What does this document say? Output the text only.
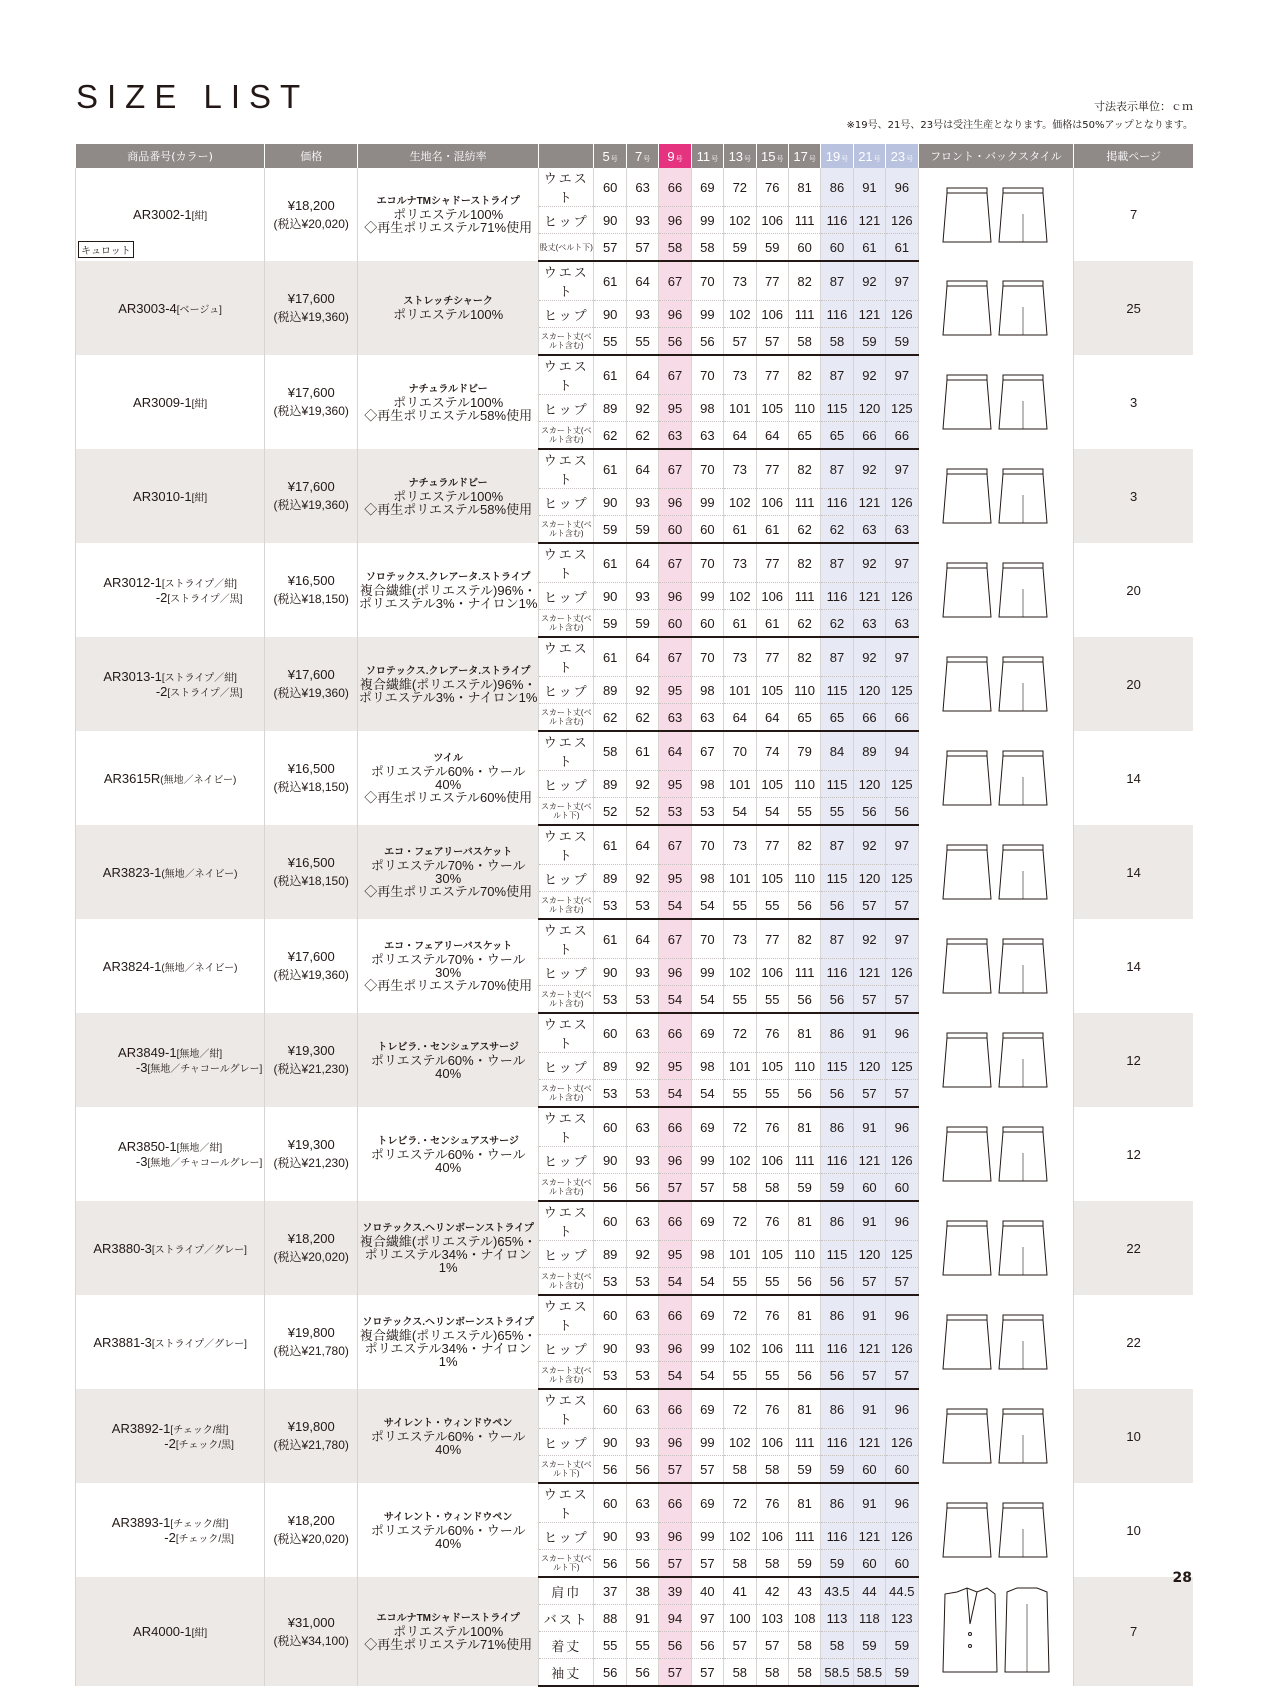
SIZE LIST	寸法表示単位：ｃｍ
※19号、21号、23号は受注生産となります。価格は50%アップとなります。
商品番号(カラー)	価格	生地名・混紡率		5号	7号	9号	11号	13号	15号	17号	19号	21号	23号	フロント・バックスタイル	掲載ページ
AR3002-1[紺]
キュロット	¥18,200
(税込¥20,020)	エコルナTMシャドーストライプ
ポリエステル100%
◇再生ポリエステル71%使用	ウエスト	60	63	66	69	72	76	81	86	91	96		7
			ヒップ	90	93	96	99	102	106	111	116	121	126		
			股丈(ベルト下)	57	57	58	58	59	59	60	60	61	61		
AR3003-4[ベージュ]	¥17,600
(税込¥19,360)	ストレッチシャーク
ポリエステル100%	ウエスト	61	64	67	70	73	77	82	87	92	97		25
			ヒップ	90	93	96	99	102	106	111	116	121	126		
			スカート丈(ベルト含む)	55	55	56	56	57	57	58	58	59	59		
AR3009-1[紺]	¥17,600
(税込¥19,360)	ナチュラルドビー
ポリエステル100%
◇再生ポリエステル58%使用	ウエスト	61	64	67	70	73	77	82	87	92	97		3
			ヒップ	89	92	95	98	101	105	110	115	120	125		
			スカート丈(ベルト含む)	62	62	63	63	64	64	65	65	66	66		
AR3010-1[紺]	¥17,600
(税込¥19,360)	ナチュラルドビー
ポリエステル100%
◇再生ポリエステル58%使用	ウエスト	61	64	67	70	73	77	82	87	92	97		3
			ヒップ	90	93	96	99	102	106	111	116	121	126		
			スカート丈(ベルト含む)	59	59	60	60	61	61	62	62	63	63		
AR3012-1[ストライプ／紺]
-2[ストライプ／黒]	¥16,500
(税込¥18,150)	ソロテックス.クレアータ.ストライプ
複合繊維(ポリエステル)96%・
ポリエステル3%・ナイロン1%	ウエスト	61	64	67	70	73	77	82	87	92	97		20
			ヒップ	90	93	96	99	102	106	111	116	121	126		
			スカート丈(ベルト含む)	59	59	60	60	61	61	62	62	63	63		
AR3013-1[ストライプ／紺]
-2[ストライプ／黒]	¥17,600
(税込¥19,360)	ソロテックス.クレアータ.ストライプ
複合繊維(ポリエステル)96%・
ポリエステル3%・ナイロン1%	ウエスト	61	64	67	70	73	77	82	87	92	97		20
			ヒップ	89	92	95	98	101	105	110	115	120	125		
			スカート丈(ベルト含む)	62	62	63	63	64	64	65	65	66	66		
AR3615R(無地／ネイビー)	¥16,500
(税込¥18,150)	ツイル
ポリエステル60%・ウール40%
◇再生ポリエステル60%使用	ウエスト	58	61	64	67	70	74	79	84	89	94		14
			ヒップ	89	92	95	98	101	105	110	115	120	125		
			スカート丈(ベルト下)	52	52	53	53	54	54	55	55	56	56		
AR3823-1(無地／ネイビー)	¥16,500
(税込¥18,150)	エコ・フェアリーバスケット
ポリエステル70%・ウール30%
◇再生ポリエステル70%使用	ウエスト	61	64	67	70	73	77	82	87	92	97		14
			ヒップ	89	92	95	98	101	105	110	115	120	125		
			スカート丈(ベルト含む)	53	53	54	54	55	55	56	56	57	57		
AR3824-1(無地／ネイビー)	¥17,600
(税込¥19,360)	エコ・フェアリーバスケット
ポリエステル70%・ウール30%
◇再生ポリエステル70%使用	ウエスト	61	64	67	70	73	77	82	87	92	97		14
			ヒップ	90	93	96	99	102	106	111	116	121	126		
			スカート丈(ベルト含む)	53	53	54	54	55	55	56	56	57	57		
AR3849-1[無地／紺]
-3[無地／チャコールグレー]	¥19,300
(税込¥21,230)	トレビラ.・センシュアスサージ
ポリエステル60%・ウール40%	ウエスト	60	63	66	69	72	76	81	86	91	96		12
			ヒップ	89	92	95	98	101	105	110	115	120	125		
			スカート丈(ベルト含む)	53	53	54	54	55	55	56	56	57	57		
AR3850-1[無地／紺]
-3[無地／チャコールグレー]	¥19,300
(税込¥21,230)	トレビラ.・センシュアスサージ
ポリエステル60%・ウール40%	ウエスト	60	63	66	69	72	76	81	86	91	96		12
			ヒップ	90	93	96	99	102	106	111	116	121	126		
			スカート丈(ベルト含む)	56	56	57	57	58	58	59	59	60	60		
AR3880-3[ストライプ／グレー]	¥18,200
(税込¥20,020)	ソロテックス.ヘリンボーンストライプ
複合繊維(ポリエステル)65%・
ポリエステル34%・ナイロン1%	ウエスト	60	63	66	69	72	76	81	86	91	96		22
			ヒップ	89	92	95	98	101	105	110	115	120	125		
			スカート丈(ベルト含む)	53	53	54	54	55	55	56	56	57	57		
AR3881-3[ストライプ／グレー]	¥19,800
(税込¥21,780)	ソロテックス.ヘリンボーンストライプ
複合繊維(ポリエステル)65%・
ポリエステル34%・ナイロン1%	ウエスト	60	63	66	69	72	76	81	86	91	96		22
			ヒップ	90	93	96	99	102	106	111	116	121	126		
			スカート丈(ベルト含む)	53	53	54	54	55	55	56	56	57	57		
AR3892-1[チェック/紺]
-2[チェック/黒]	¥19,800
(税込¥21,780)	サイレント・ウィンドウペン
ポリエステル60%・ウール40%	ウエスト	60	63	66	69	72	76	81	86	91	96		10
			ヒップ	90	93	96	99	102	106	111	116	121	126		
			スカート丈(ベルト下)	56	56	57	57	58	58	59	59	60	60		
AR3893-1[チェック/紺]
-2[チェック/黒]	¥18,200
(税込¥20,020)	サイレント・ウィンドウペン
ポリエステル60%・ウール40%	ウエスト	60	63	66	69	72	76	81	86	91	96		10
			ヒップ	90	93	96	99	102	106	111	116	121	126		
			スカート丈(ベルト下)	56	56	57	57	58	58	59	59	60	60		
AR4000-1[紺]	¥31,000
(税込¥34,100)	エコルナTMシャドーストライプ
ポリエステル100%
◇再生ポリエステル71%使用	肩巾	37	38	39	40	41	42	43	43.5	44	44.5		7
			バスト	88	91	94	97	100	103	108	113	118	123		
			着丈	55	55	56	56	57	57	58	58	59	59		
			袖丈	56	56	57	57	58	58	58	58.5	58.5	59		
28
